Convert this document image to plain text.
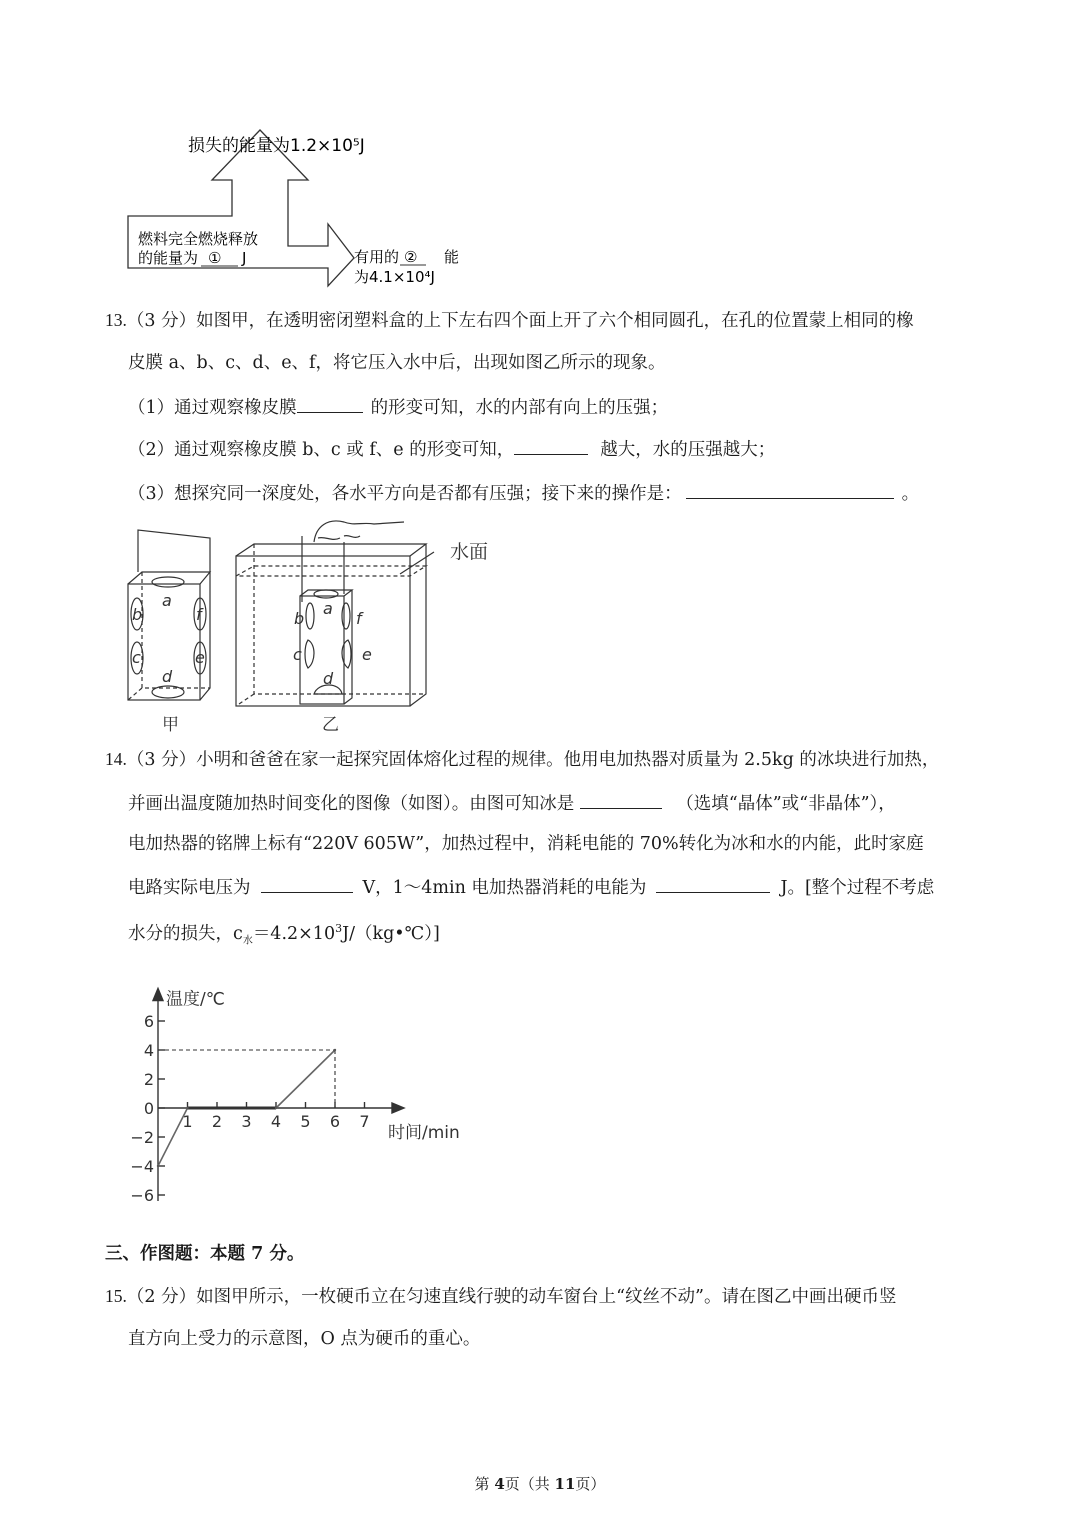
损失的能量为1.2×10⁵J
燃料完全燃烧释放
的能量为 ① J	有用的 ② 能
为4.1×10⁴J
13.（3 分）如图甲，在透明密闭塑料盒的上下左右四个面上开了六个相同圆孔，在孔的位置蒙上相同的橡
皮膜 a、b、c、d、e、f，将它压入水中后，出现如图乙所示的现象。
（1）通过观察橡皮膜	的形变可知，水的内部有向上的压强；
（2）通过观察橡皮膜 b、c 或 f、e 的形变可知，	越大，水的压强越大；
（3）想探究同一深度处，各水平方向是否都有压强；接下来的操作是：	。
a
b
c
f
e
d
a
b
c
f
e
d
水面
甲	乙
14.（3 分）小明和爸爸在家一起探究固体熔化过程的规律。他用电加热器对质量为 2.5kg 的冰块进行加热，
并画出温度随加热时间变化的图像（如图）。由图可知冰是	（选填“晶体”或“非晶体”），
电加热器的铭牌上标有“220V 605W”，加热过程中，消耗电能的 70%转化为冰和水的内能，此时家庭
电路实际电压为	V，1～4min 电加热器消耗的电能为	J。[整个过程不考虑
水分的损失，$c_水=4.2\times 10^3J/(kg•℃)$]
6
4
2
0
−2
−4
−6
1 2 3 4 5 6 7
温度/℃
时间/min
三、作图题：本题 7 分。
15.（2 分）如图甲所示，一枚硬币立在匀速直线行驶的动车窗台上“纹丝不动”。请在图乙中画出硬币竖
直方向上受力的示意图，O 点为硬币的重心。
第 4页（共 11页）
